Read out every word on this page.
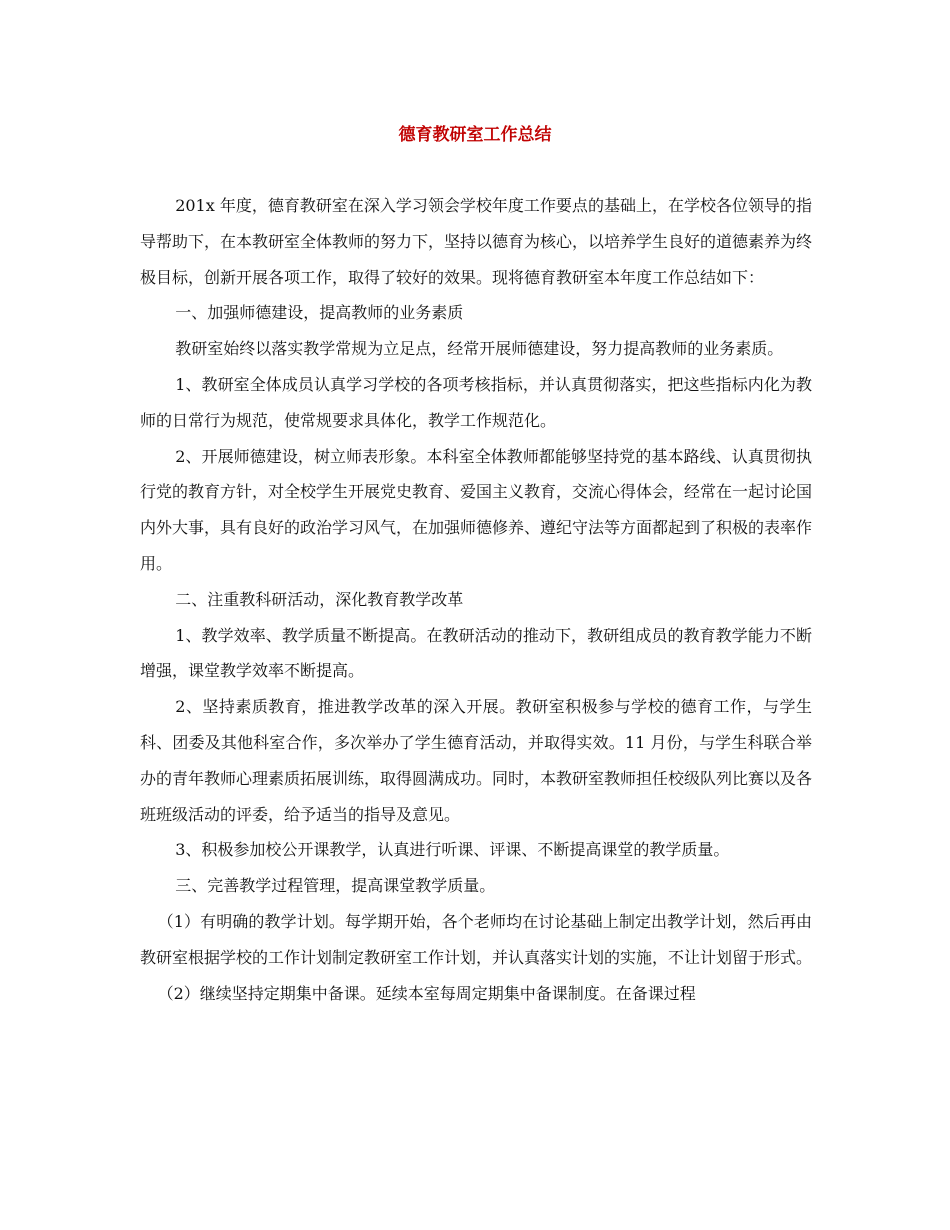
德育教研室工作总结

201x 年度，德育教研室在深入学习领会学校年度工作要点的基础上，在学校各位领导的指导帮助下，在本教研室全体教师的努力下，坚持以德育为核心，以培养学生良好的道德素养为终极目标，创新开展各项工作，取得了较好的效果。现将德育教研室本年度工作总结如下：

一、加强师德建设，提高教师的业务素质

教研室始终以落实教学常规为立足点，经常开展师德建设，努力提高教师的业务素质。

1、教研室全体成员认真学习学校的各项考核指标，并认真贯彻落实，把这些指标内化为教师的日常行为规范，使常规要求具体化，教学工作规范化。

2、开展师德建设，树立师表形象。本科室全体教师都能够坚持党的基本路线、认真贯彻执行党的教育方针，对全校学生开展党史教育、爱国主义教育，交流心得体会，经常在一起讨论国内外大事，具有良好的政治学习风气，在加强师德修养、遵纪守法等方面都起到了积极的表率作用。

二、注重教科研活动，深化教育教学改革

1、教学效率、教学质量不断提高。在教研活动的推动下，教研组成员的教育教学能力不断增强，课堂教学效率不断提高。

2、坚持素质教育，推进教学改革的深入开展。教研室积极参与学校的德育工作，与学生科、团委及其他科室合作，多次举办了学生德育活动，并取得实效。11 月份，与学生科联合举办的青年教师心理素质拓展训练，取得圆满成功。同时，本教研室教师担任校级队列比赛以及各班班级活动的评委，给予适当的指导及意见。

3、积极参加校公开课教学，认真进行听课、评课、不断提高课堂的教学质量。

三、完善教学过程管理，提高课堂教学质量。

（1）有明确的教学计划。每学期开始，各个老师均在讨论基础上制定出教学计划，然后再由教研室根据学校的工作计划制定教研室工作计划，并认真落实计划的实施，不让计划留于形式。

（2）继续坚持定期集中备课。延续本室每周定期集中备课制度。在备课过程
